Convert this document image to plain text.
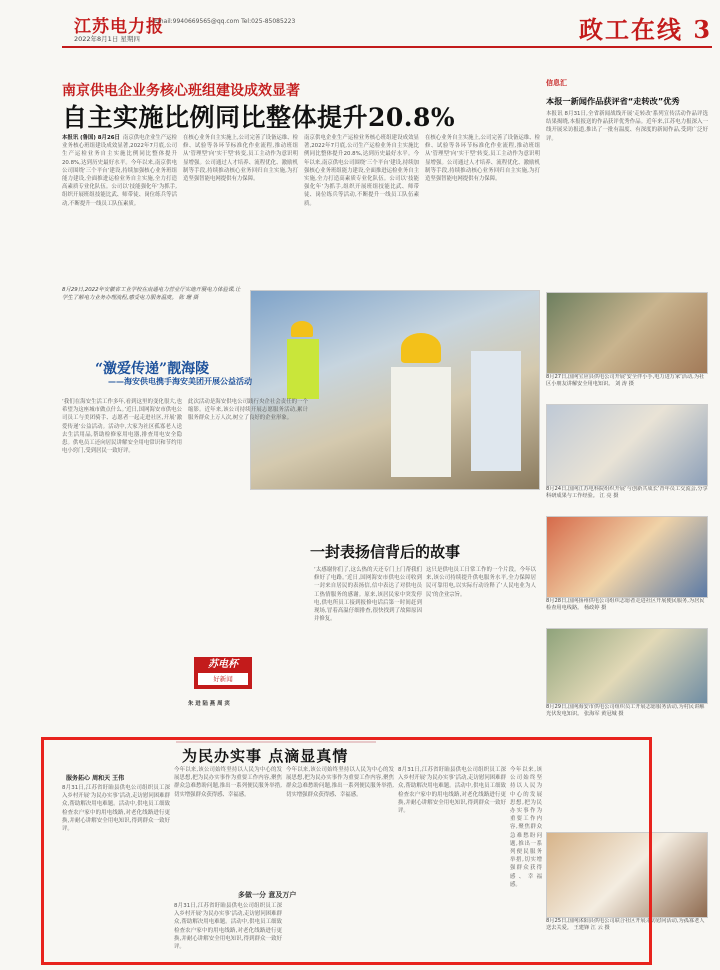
江苏电力报
Email:9940669565@qq.com Tel:025-85085223
2022年8月1日 星期四	政工在线 3
南京供电企业务核心班组建设成效显著
自主实施比例同比整体提升20.8%
本报讯 (鲁国) 8月26日 南京供电企业生产运检业务核心班组建设成效显著,2022年7月底,公司生产运检业务自主实施比例同比整体提升20.8%,达到历史最好水平。今年以来,南京供电公司围绕‘三个平台’建设,持续加强核心业务班组能力建设,全面推进运检业务自主实施,全力打造高素质专业化队伍。公司以‘技能强化年’为抓手,组织开展班组技能比武、师带徒、岗位练兵等活动,不断提升一线员工队伍素质。
在核心业务自主实施上,公司完善了设备运维、检修、试验等各环节标准化作业流程,推动班组从‘管理型’向‘实干型’转变,员工主动作为意识明显增强。公司通过人才培养、流程优化、激励机制等手段,持续推动核心业务回归自主实施,为打造坚强智能电网提供有力保障。
南京供电企业生产运检业务核心班组建设成效显著,2022年7月底,公司生产运检业务自主实施比例同比整体提升20.8%,达到历史最好水平。今年以来,南京供电公司围绕‘三个平台’建设,持续加强核心业务班组能力建设,全面推进运检业务自主实施,全力打造高素质专业化队伍。公司以‘技能强化年’为抓手,组织开展班组技能比武、师带徒、岗位练兵等活动,不断提升一线员工队伍素质。
在核心业务自主实施上,公司完善了设备运维、检修、试验等各环节标准化作业流程,推动班组从‘管理型’向‘实干型’转变,员工主动作为意识明显增强。公司通过人才培养、流程优化、激励机制等手段,持续推动核心业务回归自主实施,为打造坚强智能电网提供有力保障。
8月29日,2022年安徽省工业学校在南通电力营业厅实地开展电力体验课,让学生了解电力业务办理流程,感受电力服务温度。 陈 珊 摄
“激爱传递”靓海陵
——海安供电携手海安美团开展公益活动
‘我们在海安生活工作多年,看到这里的变化很大,也希望为这座城市做点什么。’近日,国网海安市供电公司员工与美团骑手、志愿者一起走进社区,开展‘激爱传递’公益活动。活动中,大家为社区孤寡老人送去生活用品,帮助检修家用电器,排查用电安全隐患。供电员工还向居民讲解安全用电常识和节约用电小窍门,受到居民一致好评。
此次活动是海安供电公司践行央企社会责任的一个缩影。近年来,该公司持续开展志愿服务活动,累计服务群众上万人次,树立了良好的企业形象。
朱 进 陆 燕 周 宾
苏电杯
好新闻
一封表扬信背后的故事
‘太感谢你们了,这么热的天还专门上门帮我们修好了电路。’近日,国网海安市供电公司收到一封来自居民的表扬信,信中表达了对供电员工热情服务的感谢。原来,该居民家中突发停电,供电所员工接到报修电话后第一时间赶到现场,冒着高温仔细排查,很快找到了故障原因并修复。
这只是供电员工日常工作的一个片段。今年以来,该公司持续提升供电服务水平,全力保障居民可靠用电,以实际行动诠释了‘人民电业为人民’的企业宗旨。
信息汇
本报一新闻作品获评省“走转改”优秀
本报讯 8月31日,全省新闻战线开展‘走转改’系列宣传活动作品评选结果揭晓,本报报送的作品获评优秀作品。近年来,江苏电力报深入一线开展采访报道,推出了一批有温度、有深度的新闻作品,受到广泛好评。
8月27日,国网宝应县供电公司开展‘安全伴小手,电力进万家’活动,为社区小朋友讲解安全用电知识。 刘 涛 摄
8月24日,国网江苏电科院组织开展‘与创新共成长’青年员工交流会,分享科研成果与工作经验。 江 亮 摄
8月28日,国网扬州供电公司组织志愿者走进社区开展便民服务,为居民检查用电线路。 杨政婷 摄
8月29日,国网海安市供电公司组织员工开展志愿服务活动,为村民讲解光伏发电知识。 张海军 黄冠城 摄
8月25日,国网沭阳县供电公司联合社区开展走访慰问活动,为孤寡老人送去关爱。 王建锋 江 云 摄
为民办实事 点滴显真情
服务拓心 周和天 王伟
8月31日,江苏省盱眙县供电公司组织员工深入乡村开展‘为民办实事’活动,走访慰问困难群众,帮助解决用电难题。活动中,供电员工细致检查农户家中的用电线路,对老化线路进行更换,并耐心讲解安全用电知识,得到群众一致好评。
今年以来,该公司始终坚持以人民为中心的发展思想,把为民办实事作为重要工作内容,聚焦群众急难愁盼问题,推出一系列便民服务举措,切实增强群众获得感、幸福感。
多做一分 意及万户
8月31日,江苏省盱眙县供电公司组织员工深入乡村开展‘为民办实事’活动,走访慰问困难群众,帮助解决用电难题。活动中,供电员工细致检查农户家中的用电线路,对老化线路进行更换,并耐心讲解安全用电知识,得到群众一致好评。
今年以来,该公司始终坚持以人民为中心的发展思想,把为民办实事作为重要工作内容,聚焦群众急难愁盼问题,推出一系列便民服务举措,切实增强群众获得感、幸福感。
8月31日,江苏省盱眙县供电公司组织员工深入乡村开展‘为民办实事’活动,走访慰问困难群众,帮助解决用电难题。活动中,供电员工细致检查农户家中的用电线路,对老化线路进行更换,并耐心讲解安全用电知识,得到群众一致好评。
今年以来,该公司始终坚持以人民为中心的发展思想,把为民办实事作为重要工作内容,聚焦群众急难愁盼问题,推出一系列便民服务举措,切实增强群众获得感、幸福感。
